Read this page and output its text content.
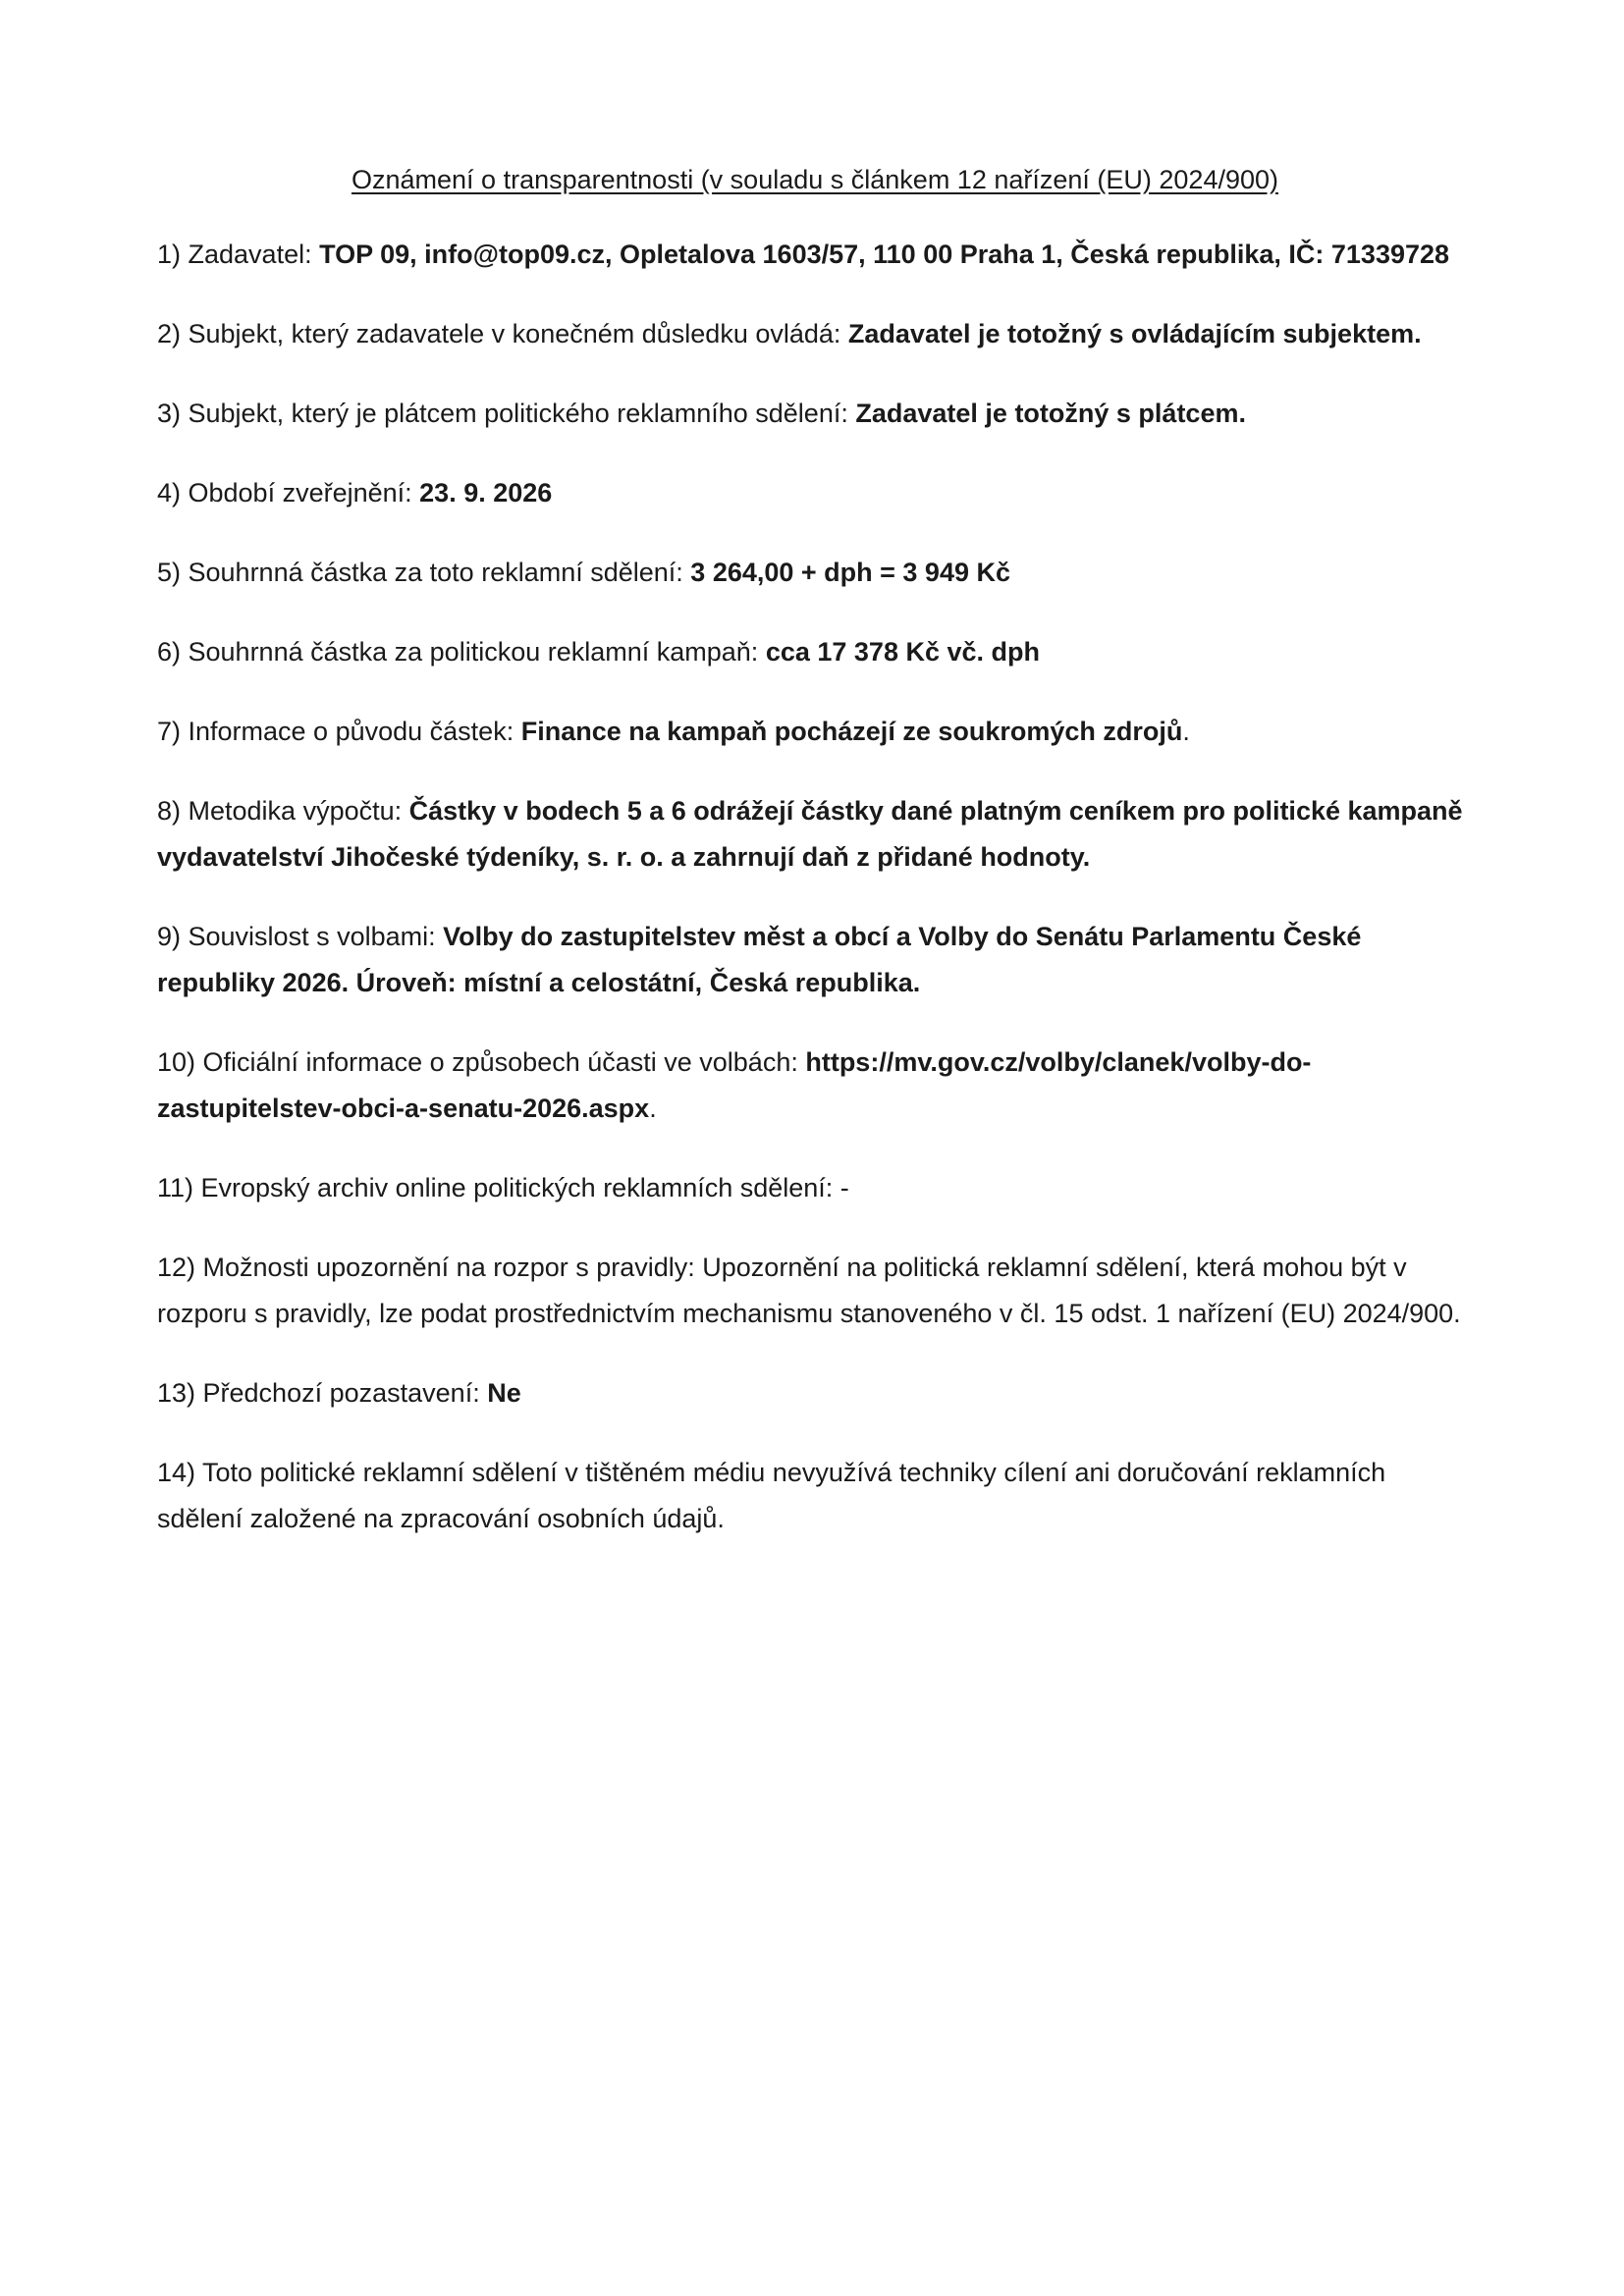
Oznámení o transparentnosti (v souladu s článkem 12 nařízení (EU) 2024/900)
1) Zadavatel: TOP 09, info@top09.cz, Opletalova 1603/57, 110 00 Praha 1, Česká republika, IČ: 71339728
2) Subjekt, který zadavatele v konečném důsledku ovládá: Zadavatel je totožný s ovládajícím subjektem.
3) Subjekt, který je plátcem politického reklamního sdělení: Zadavatel je totožný s plátcem.
4) Období zveřejnění: 23. 9. 2026
5) Souhrnná částka za toto reklamní sdělení: 3 264,00 + dph = 3 949 Kč
6) Souhrnná částka za politickou reklamní kampaň: cca 17 378 Kč vč. dph
7) Informace o původu částek: Finance na kampaň pocházejí ze soukromých zdrojů.
8) Metodika výpočtu: Částky v bodech 5 a 6 odrážejí částky dané platným ceníkem pro politické kampaně vydavatelství Jihočeské týdeníky, s. r. o. a zahrnují daň z přidané hodnoty.
9) Souvislost s volbami: Volby do zastupitelstev měst a obcí a Volby do Senátu Parlamentu České republiky 2026. Úroveň: místní a celostátní, Česká republika.
10) Oficiální informace o způsobech účasti ve volbách: https://mv.gov.cz/volby/clanek/volby-do-zastupitelstev-obci-a-senatu-2026.aspx.
11) Evropský archiv online politických reklamních sdělení: -
12) Možnosti upozornění na rozpor s pravidly: Upozornění na politická reklamní sdělení, která mohou být v rozporu s pravidly, lze podat prostřednictvím mechanismu stanoveného v čl. 15 odst. 1 nařízení (EU) 2024/900.
13) Předchozí pozastavení: Ne
14) Toto politické reklamní sdělení v tištěném médiu nevyužívá techniky cílení ani doručování reklamních sdělení založené na zpracování osobních údajů.
